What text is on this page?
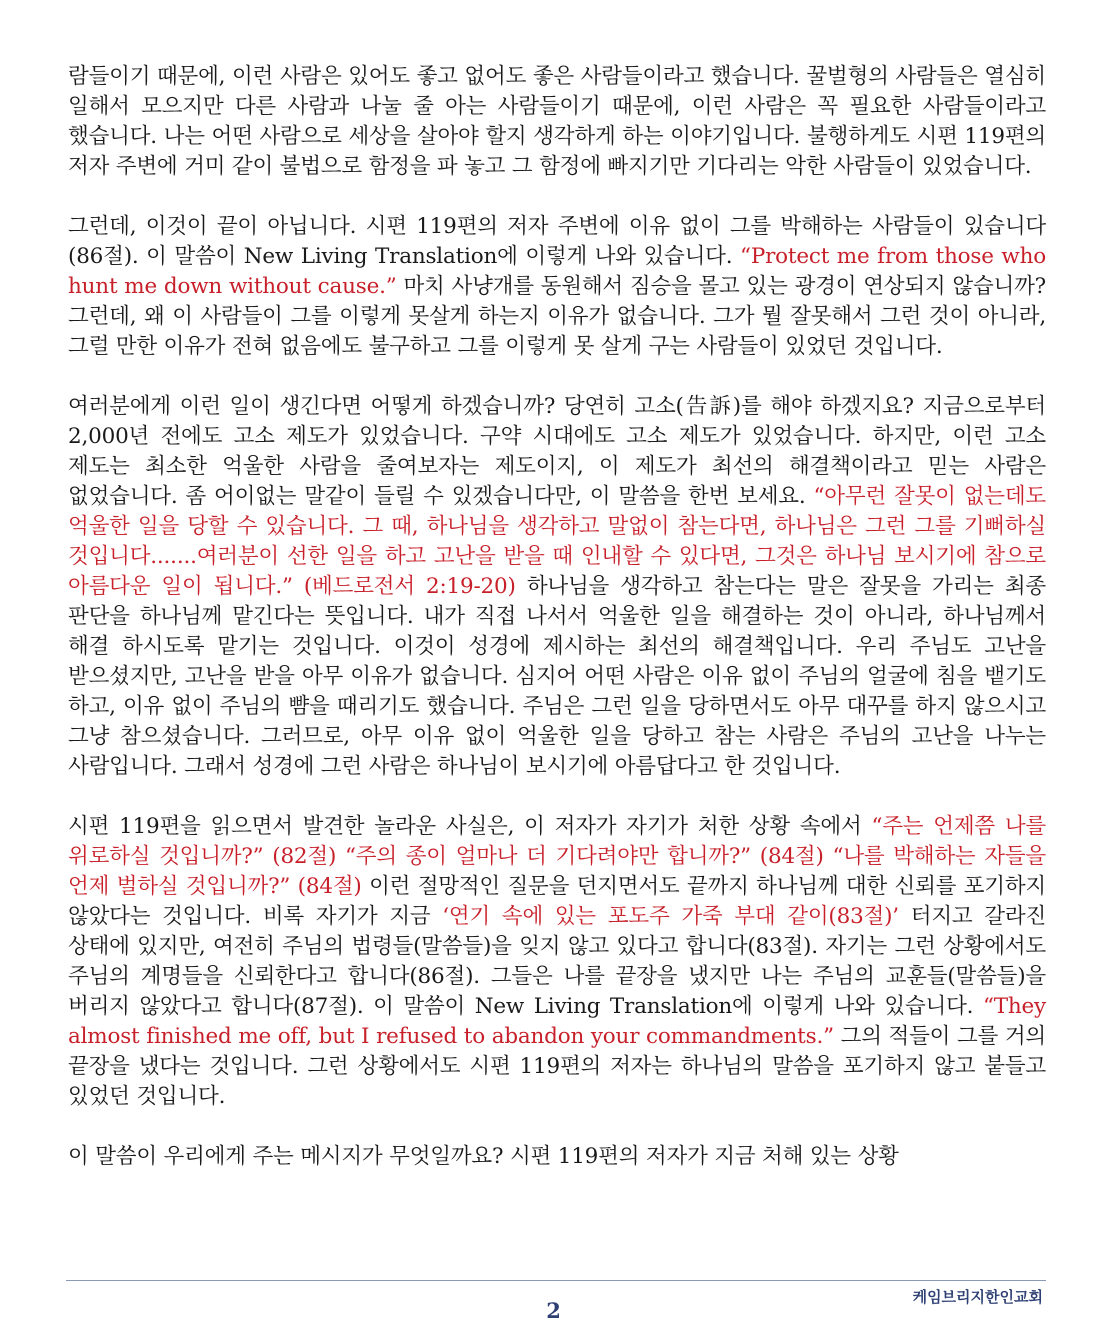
람들이기 때문에, 이런 사람은 있어도 좋고 없어도 좋은 사람들이라고 했습니다. 꿀벌형의 사람들은 열심히 일해서 모으지만 다른 사람과 나눌 줄 아는 사람들이기 때문에, 이런 사람은 꼭 필요한 사람들이라고 했습니다. 나는 어떤 사람으로 세상을 살아야 할지 생각하게 하는 이야기입니다. 불행하게도 시편 119편의 저자 주변에 거미 같이 불법으로 함정을 파 놓고 그 함정에 빠지기만 기다리는 악한 사람들이 있었습니다.

그런데, 이것이 끝이 아닙니다. 시편 119편의 저자 주변에 이유 없이 그를 박해하는 사람들이 있습니다(86절). 이 말씀이 New Living Translation에 이렇게 나와 있습니다. “Protect me from those who hunt me down without cause.” 마치 사냥개를 동원해서 짐승을 몰고 있는 광경이 연상되지 않습니까? 그런데, 왜 이 사람들이 그를 이렇게 못살게 하는지 이유가 없습니다. 그가 뭘 잘못해서 그런 것이 아니라, 그럴 만한 이유가 전혀 없음에도 불구하고 그를 이렇게 못 살게 구는 사람들이 있었던 것입니다.

여러분에게 이런 일이 생긴다면 어떻게 하겠습니까? 당연히 고소(告訴)를 해야 하겠지요? 지금으로부터 2,000년 전에도 고소 제도가 있었습니다. 구약 시대에도 고소 제도가 있었습니다. 하지만, 이런 고소 제도는 최소한 억울한 사람을 줄여보자는 제도이지, 이 제도가 최선의 해결책이라고 믿는 사람은 없었습니다. 좀 어이없는 말같이 들릴 수 있겠습니다만, 이 말씀을 한번 보세요. “아무런 잘못이 없는데도 억울한 일을 당할 수 있습니다. 그 때, 하나님을 생각하고 말없이 참는다면, 하나님은 그런 그를 기뻐하실 것입니다.......여러분이 선한 일을 하고 고난을 받을 때 인내할 수 있다면, 그것은 하나님 보시기에 참으로 아름다운 일이 됩니다.” (베드로전서 2:19-20) 하나님을 생각하고 참는다는 말은 잘못을 가리는 최종 판단을 하나님께 맡긴다는 뜻입니다. 내가 직접 나서서 억울한 일을 해결하는 것이 아니라, 하나님께서 해결 하시도록 맡기는 것입니다. 이것이 성경에 제시하는 최선의 해결책입니다. 우리 주님도 고난을 받으셨지만, 고난을 받을 아무 이유가 없습니다. 심지어 어떤 사람은 이유 없이 주님의 얼굴에 침을 뱉기도 하고, 이유 없이 주님의 뺨을 때리기도 했습니다. 주님은 그런 일을 당하면서도 아무 대꾸를 하지 않으시고 그냥 참으셨습니다. 그러므로, 아무 이유 없이 억울한 일을 당하고 참는 사람은 주님의 고난을 나누는 사람입니다. 그래서 성경에 그런 사람은 하나님이 보시기에 아름답다고 한 것입니다.

시편 119편을 읽으면서 발견한 놀라운 사실은, 이 저자가 자기가 처한 상황 속에서 “주는 언제쯤 나를 위로하실 것입니까?” (82절) “주의 종이 얼마나 더 기다려야만 합니까?” (84절) “나를 박해하는 자들을 언제 벌하실 것입니까?” (84절) 이런 절망적인 질문을 던지면서도 끝까지 하나님께 대한 신뢰를 포기하지 않았다는 것입니다. 비록 자기가 지금 ‘연기 속에 있는 포도주 가죽 부대 같이(83절)’ 터지고 갈라진 상태에 있지만, 여전히 주님의 법령들(말씀들)을 잊지 않고 있다고 합니다(83절). 자기는 그런 상황에서도 주님의 계명들을 신뢰한다고 합니다(86절). 그들은 나를 끝장을 냈지만 나는 주님의 교훈들(말씀들)을 버리지 않았다고 합니다(87절). 이 말씀이 New Living Translation에 이렇게 나와 있습니다. “They almost finished me off, but I refused to abandon your commandments.” 그의 적들이 그를 거의 끝장을 냈다는 것입니다. 그런 상황에서도 시편 119편의 저자는 하나님의 말씀을 포기하지 않고 붙들고 있었던 것입니다.

이 말씀이 우리에게 주는 메시지가 무엇일까요? 시편 119편의 저자가 지금 처해 있는 상황

케임브리지한인교회
2
